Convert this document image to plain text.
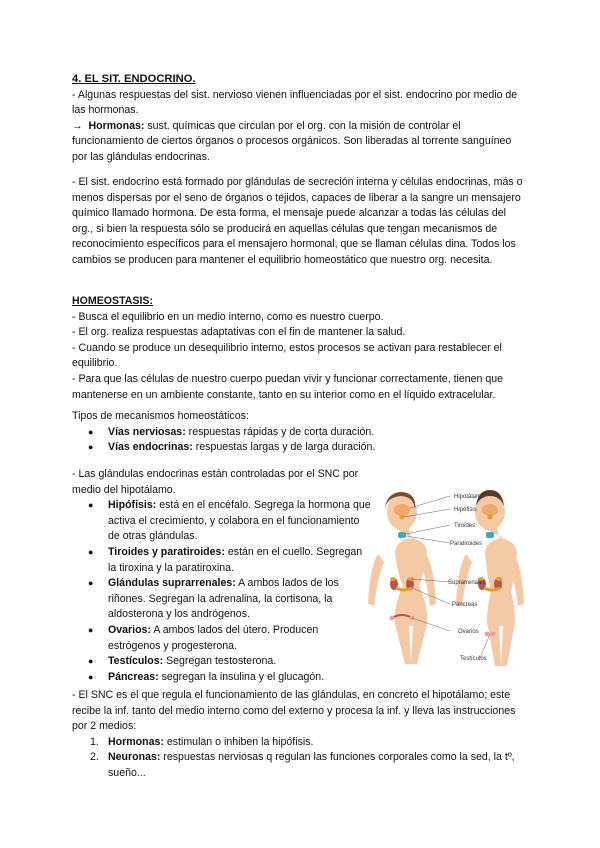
4. EL SIT. ENDOCRINO.

- Algunas respuestas del sist. nervioso vienen influenciadas por el sist. endocrino por medio de las hormonas.

→ Hormonas: sust. químicas que circulan por el org. con la misión de controlar el funcionamiento de ciertos órganos o procesos orgánicos. Son liberadas al torrente sanguíneo por las glándulas endocrinas.

- El sist. endocrino está formado por glándulas de secreción interna y células endocrinas, más o menos dispersas por el seno de órganos o tejidos, capaces de liberar a la sangre un mensajero químico llamado hormona. De esta forma, el mensaje puede alcanzar a todas las células del org., si bien la respuesta sólo se producirá en aquellas células que tengan mecanismos de reconocimiento específicos para el mensajero hormonal, que se llaman células dina. Todos los cambios se producen para mantener el equilibrio homeostático que nuestro org. necesita.

HOMEOSTASIS:

- Busca el equilibrio en un medio interno, como es nuestro cuerpo.

- El org. realiza respuestas adaptativas con el fin de mantener la salud.

- Cuando se produce un desequilibrio interno, estos procesos se activan para restablecer el equilibrio.

- Para que las células de nuestro cuerpo puedan vivir y funcionar correctamente, tienen que mantenerse en un ambiente constante, tanto en su interior como en el líquido extracelular.

Tipos de mecanismos homeostáticos:

● Vías nerviosas: respuestas rápidas y de corta duración.
● Vías endocrinas: respuestas largas y de larga duración.

- Las glándulas endocrinas están controladas por el SNC por medio del hipotálamo.

● Hipófisis: está en el encéfalo. Segrega la hormona que activa el crecimiento, y colabora en el funcionamiento de otras glándulas.
● Tiroides y paratiroides: están en el cuello. Segregan la tiroxina y la paratiroxina.
● Glándulas suprarrenales: A ambos lados de los riñones. Segregan la adrenalina, la cortisona, la aldosterona y los andrógenos.
● Ovarios: A ambos lados del útero. Producen estrógenos y progesterona.
● Testículos: Segregan testosterona.
● Páncreas: segregan la insulina y el glucagón.
Hipotálamo
Hipófisis
Tiroides
Paratiroides
Suprarrenales
Páncreas
Ovarios
Testículos

- El SNC es el que regula el funcionamiento de las glándulas, en concreto el hipotálamo; este recibe la inf. tanto del medio interno como del externo y procesa la inf. y lleva las instrucciones por 2 medios:

1. Hormonas: estimulan o inhiben la hipófisis.
2. Neuronas: respuestas nerviosas q regulan las funciones corporales como la sed, la tº, sueño...
